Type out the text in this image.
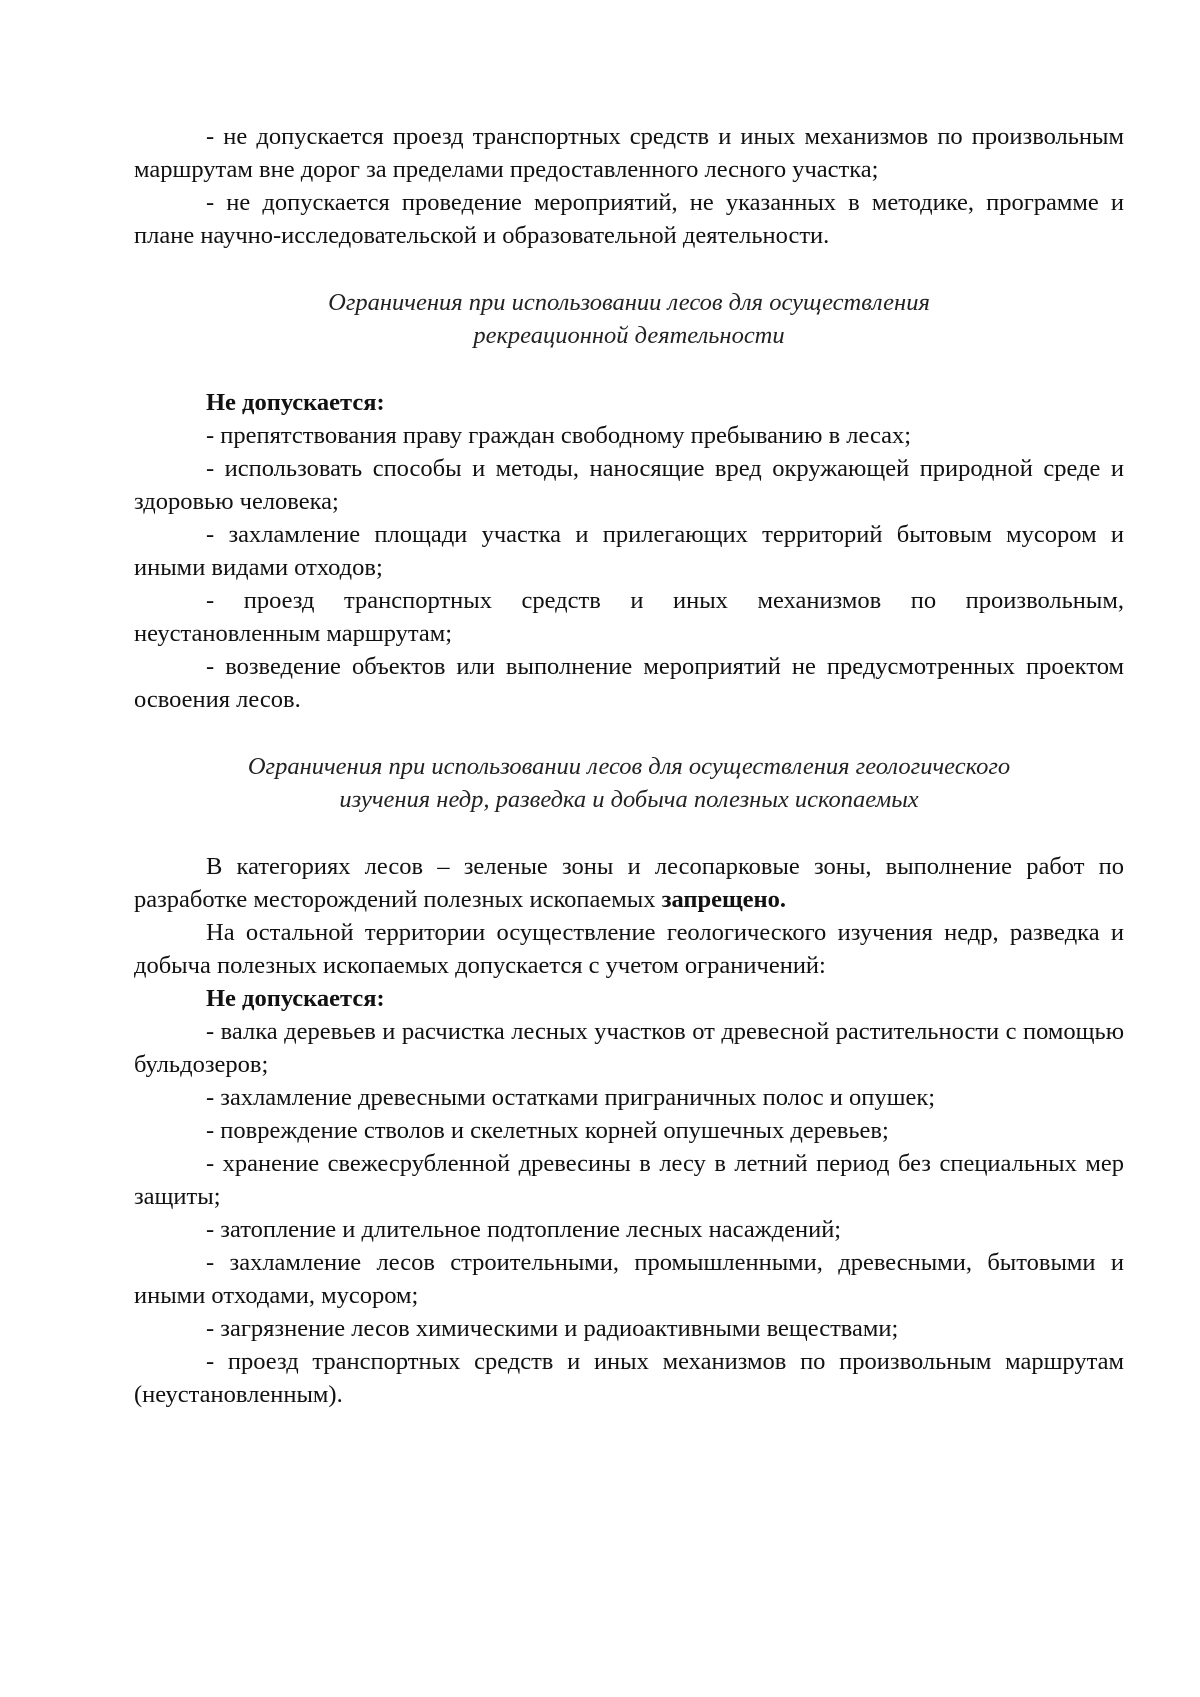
- не допускается проезд транспортных средств и иных механизмов по произвольным маршрутам вне дорог за пределами предоставленного лесного участка;

- не допускается проведение мероприятий, не указанных в методике, программе и плане научно-исследовательской и образовательной деятельности.

Ограничения при использовании лесов для осуществления
рекреационной деятельности

Не допускается:

- препятствования праву граждан свободному пребыванию в лесах;

- использовать способы и методы, наносящие вред окружающей природной среде и здоровью человека;

- захламление площади участка и прилегающих территорий бытовым мусором и иными видами отходов;

- проезд транспортных средств и иных механизмов по произвольным, неустановленным маршрутам;

- возведение объектов или выполнение мероприятий не предусмотренных проектом освоения лесов.

Ограничения при использовании лесов для осуществления геологического
изучения недр, разведка и добыча полезных ископаемых

В категориях лесов – зеленые зоны и лесопарковые зоны, выполнение работ по разработке месторождений полезных ископаемых запрещено.

На остальной территории осуществление геологического изучения недр, разведка и добыча полезных ископаемых допускается с учетом ограничений:

Не допускается:

- валка деревьев и расчистка лесных участков от древесной растительности с помощью бульдозеров;

- захламление древесными остатками приграничных полос и опушек;

- повреждение стволов и скелетных корней опушечных деревьев;

- хранение свежесрубленной древесины в лесу в летний период без специальных мер защиты;

- затопление и длительное подтопление лесных насаждений;

- захламление лесов строительными, промышленными, древесными, бытовыми и иными отходами, мусором;

- загрязнение лесов химическими и радиоактивными веществами;

- проезд транспортных средств и иных механизмов по произвольным маршрутам (неустановленным).
